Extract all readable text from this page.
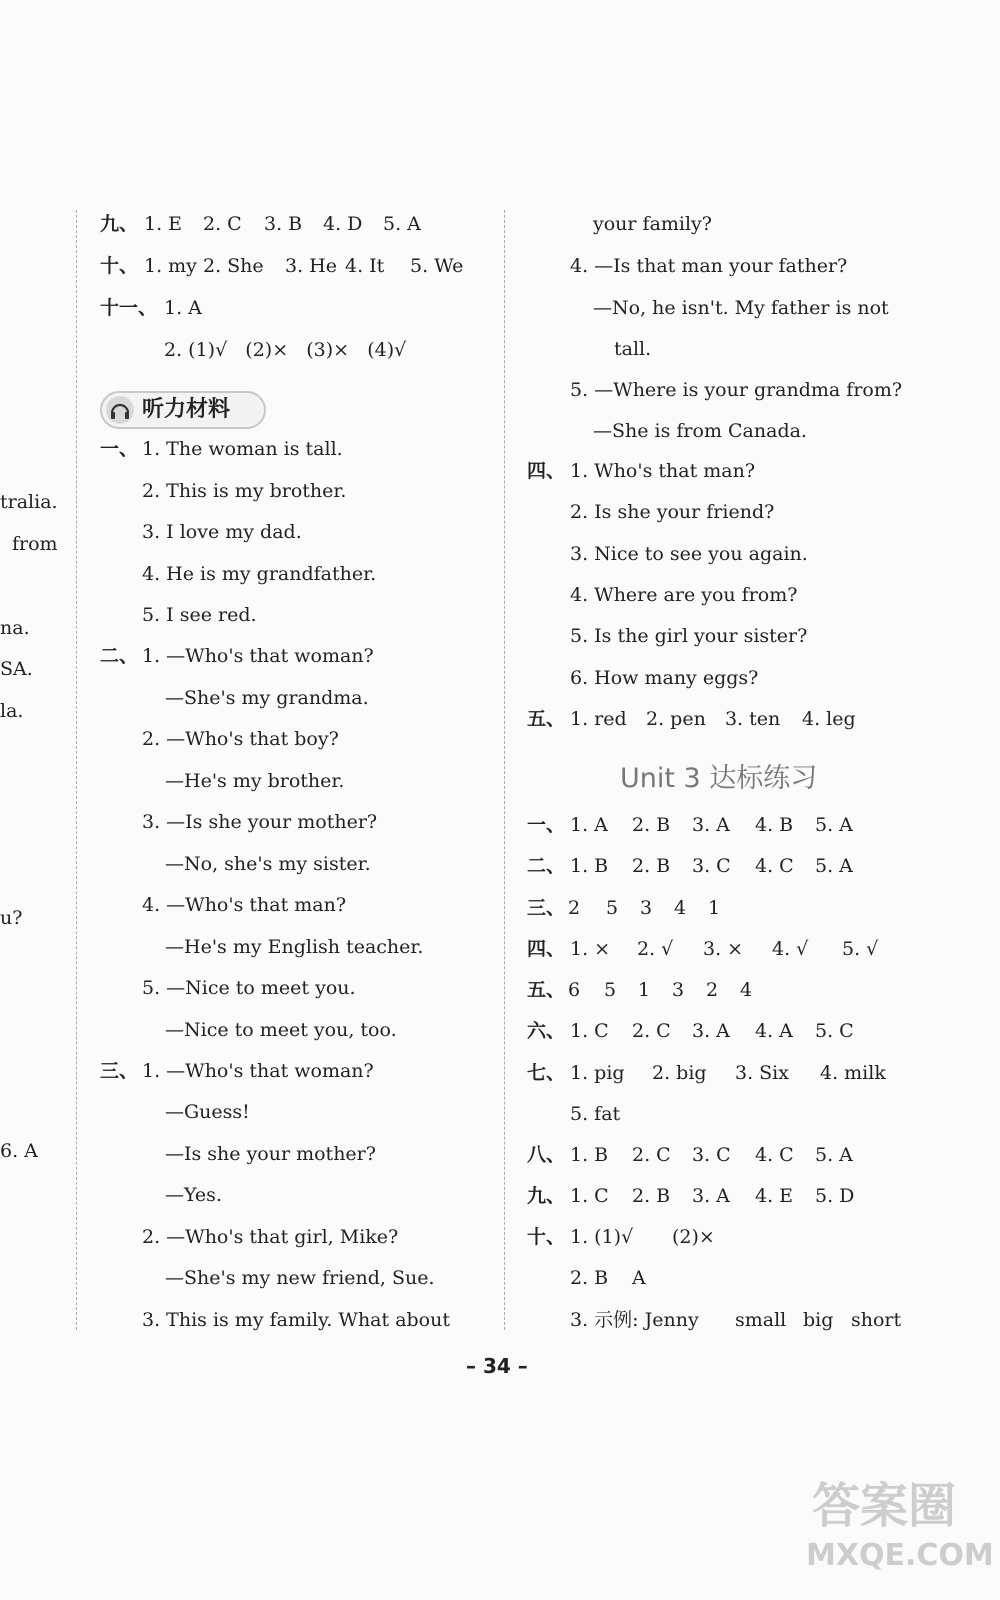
tralia.
from
na.
SA.
la.
u?
6. A
九、 1. E 2. C 3. B 4. D 5. A
十、 1. my 2. She 3. He 4. It 5. We
十一、 1. A
2. (1)√   (2)×   (3)×   (4)√
听力材料
一、 1. The woman is tall.
2. This is my brother.
3. I love my dad.
4. He is my grandfather.
5. I see red.
二、 1. —Who's that woman?
—She's my grandma.
2. —Who's that boy?
—He's my brother.
3. —Is she your mother?
—No, she's my sister.
4. —Who's that man?
—He's my English teacher.
5. —Nice to meet you.
—Nice to meet you, too.
三、 1. —Who's that woman?
—Guess!
—Is she your mother?
—Yes.
2. —Who's that girl, Mike?
—She's my new friend, Sue.
3. This is my family. What about
your family?
4. —Is that man your father?
—No, he isn't. My father is not
tall.
5. —Where is your grandma from?
—She is from Canada.
四、 1. Who's that man?
2. Is she your friend?
3. Nice to see you again.
4. Where are you from?
5. Is the girl your sister?
6. How many eggs?
五、 1. red 2. pen 3. ten 4. leg
Unit 3 达标练习
一、 1. A 2. B 3. A 4. B 5. A
二、 1. B 2. B 3. C 4. C 5. A
三、 2 5 3 4 1
四、 1. × 2. √ 3. × 4. √ 5. √
五、 6 5 1 3 2 4
六、 1. C 2. C 3. A 4. A 5. C
七、 1. pig 2. big 3. Six 4. milk
5. fat
八、 1. B 2. C 3. C 4. C 5. A
九、 1. C 2. B 3. A 4. E 5. D
十、 1. (1)√ (2)×
2. B A
3. 示例: Jenny small big short
– 34 –
答案圈
MXQE.COM
